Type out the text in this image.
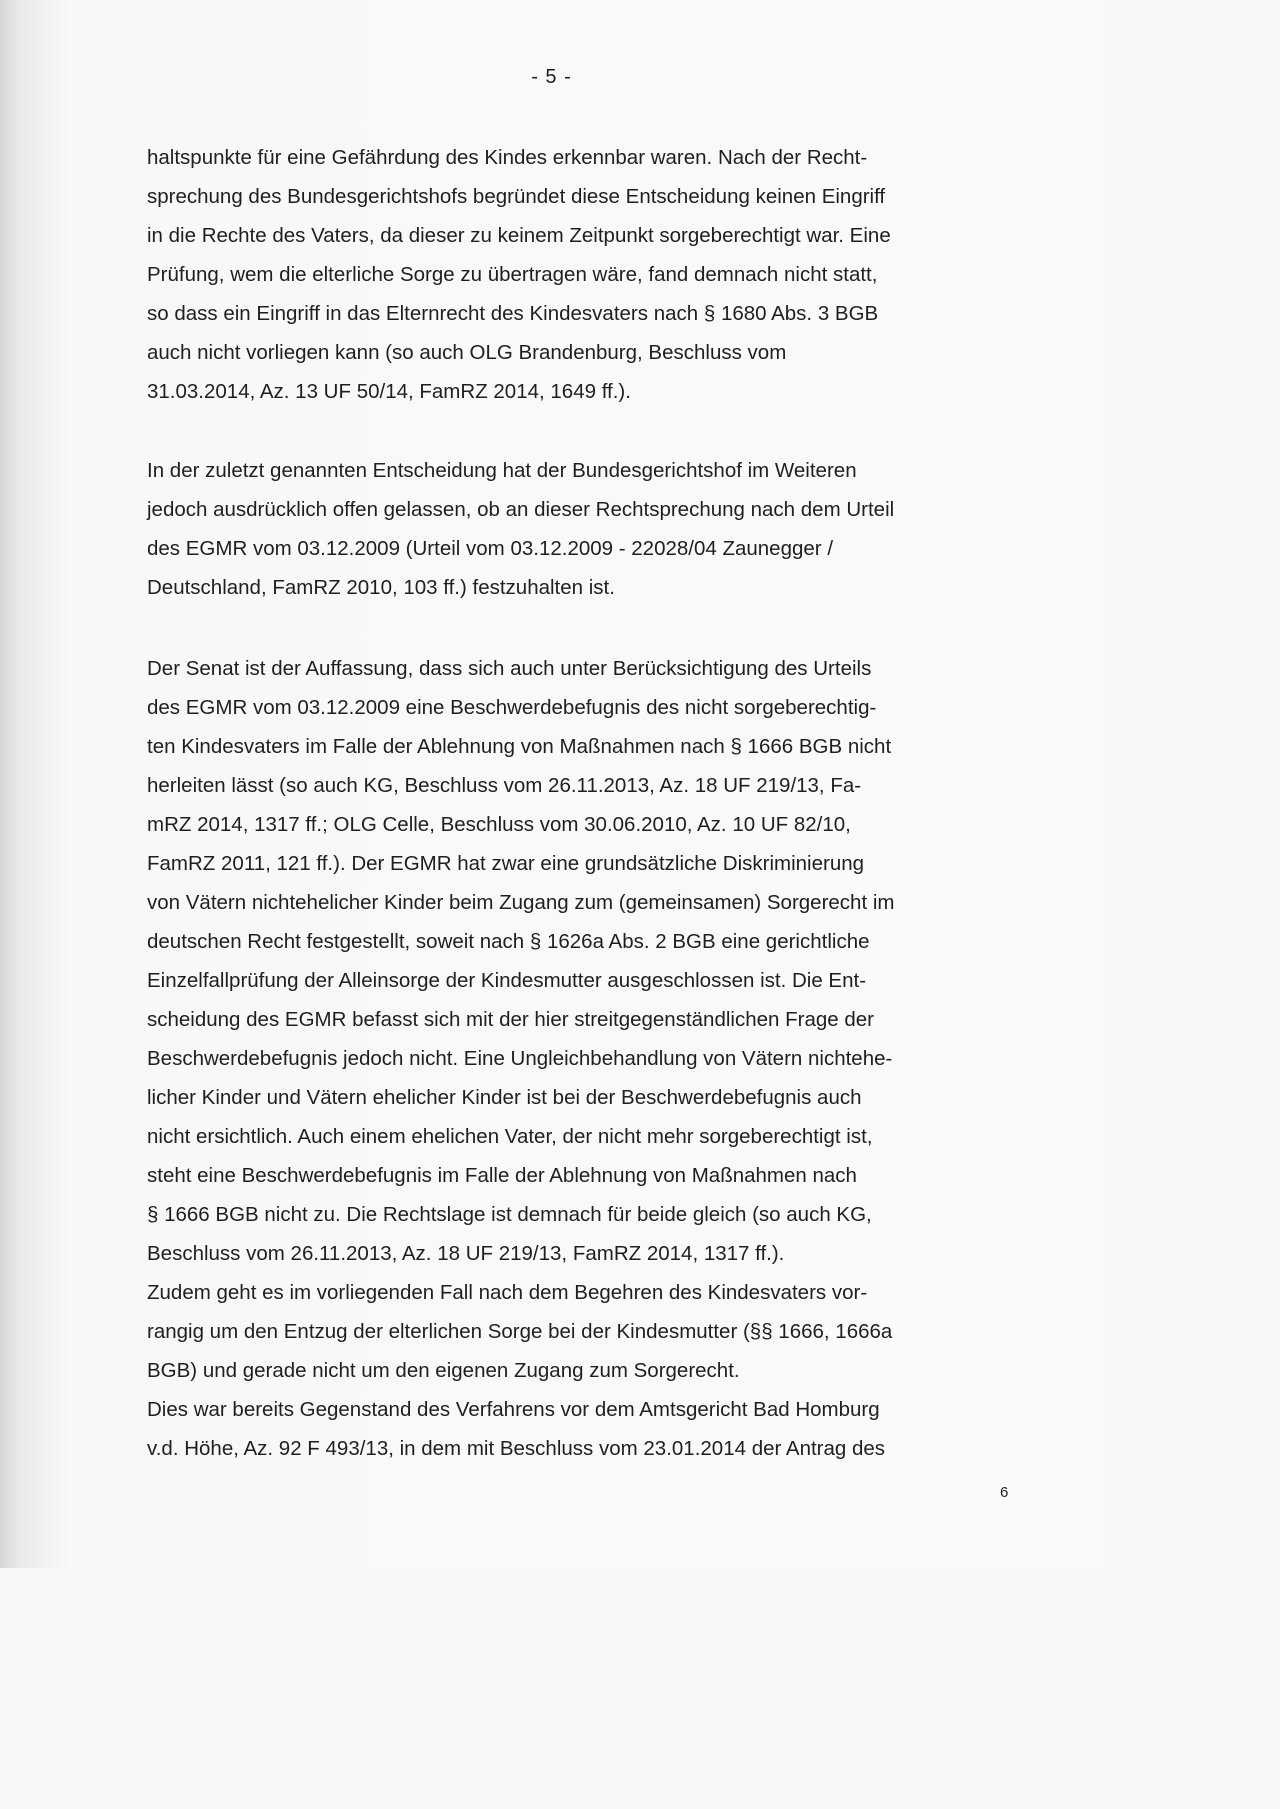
- 5 -
haltspunkte für eine Gefährdung des Kindes erkennbar waren. Nach der Recht-
sprechung des Bundesgerichtshofs begründet diese Entscheidung keinen Eingriff
in die Rechte des Vaters, da dieser zu keinem Zeitpunkt sorgeberechtigt war. Eine
Prüfung, wem die elterliche Sorge zu übertragen wäre, fand demnach nicht statt,
so dass ein Eingriff in das Elternrecht des Kindesvaters nach § 1680 Abs. 3 BGB
auch nicht vorliegen kann (so auch OLG Brandenburg, Beschluss vom
31.03.2014, Az. 13 UF 50/14, FamRZ 2014, 1649 ff.).
In der zuletzt genannten Entscheidung hat der Bundesgerichtshof im Weiteren
jedoch ausdrücklich offen gelassen, ob an dieser Rechtsprechung nach dem Urteil
des EGMR vom 03.12.2009 (Urteil vom 03.12.2009 - 22028/04 Zaunegger /
Deutschland, FamRZ 2010, 103 ff.) festzuhalten ist.
Der Senat ist der Auffassung, dass sich auch unter Berücksichtigung des Urteils
des EGMR vom 03.12.2009 eine Beschwerdebefugnis des nicht sorgeberechtig-
ten Kindesvaters im Falle der Ablehnung von Maßnahmen nach § 1666 BGB nicht
herleiten lässt (so auch KG, Beschluss vom 26.11.2013, Az. 18 UF 219/13, Fa-
mRZ 2014, 1317 ff.; OLG Celle, Beschluss vom 30.06.2010, Az. 10 UF 82/10,
FamRZ 2011, 121 ff.). Der EGMR hat zwar eine grundsätzliche Diskriminierung
von Vätern nichtehelicher Kinder beim Zugang zum (gemeinsamen) Sorgerecht im
deutschen Recht festgestellt, soweit nach § 1626a Abs. 2 BGB eine gerichtliche
Einzelfallprüfung der Alleinsorge der Kindesmutter ausgeschlossen ist. Die Ent-
scheidung des EGMR befasst sich mit der hier streitgegenständlichen Frage der
Beschwerdebefugnis jedoch nicht. Eine Ungleichbehandlung von Vätern nichtehe-
licher Kinder und Vätern ehelicher Kinder ist bei der Beschwerdebefugnis auch
nicht ersichtlich. Auch einem ehelichen Vater, der nicht mehr sorgeberechtigt ist,
steht eine Beschwerdebefugnis im Falle der Ablehnung von Maßnahmen nach
§ 1666 BGB nicht zu. Die Rechtslage ist demnach für beide gleich (so auch KG,
Beschluss vom 26.11.2013, Az. 18 UF 219/13, FamRZ 2014, 1317 ff.).
Zudem geht es im vorliegenden Fall nach dem Begehren des Kindesvaters vor-
rangig um den Entzug der elterlichen Sorge bei der Kindesmutter (§§ 1666, 1666a
BGB) und gerade nicht um den eigenen Zugang zum Sorgerecht.
Dies war bereits Gegenstand des Verfahrens vor dem Amtsgericht Bad Homburg
v.d. Höhe, Az. 92 F 493/13, in dem mit Beschluss vom 23.01.2014 der Antrag des
6
